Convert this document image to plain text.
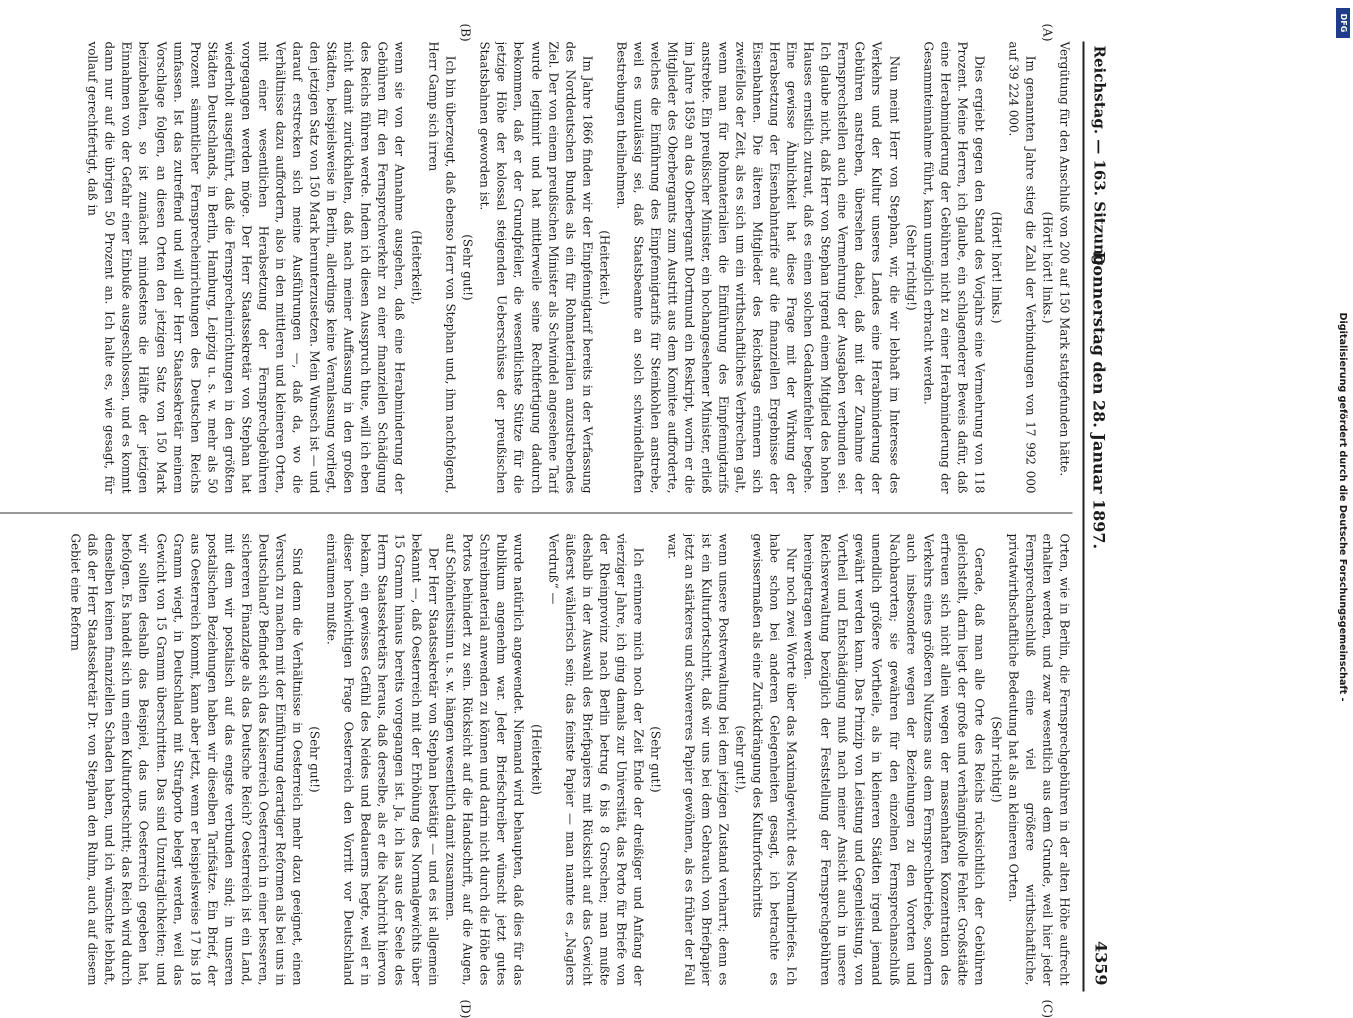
Reichstag. — 163. Sitzung.
Donnerstag den 28. Januar 1897.
4359
(A)
(B)
(C)
(D)

Vergütung für den Anschluß von 200 auf 150 Mark stattgefunden hätte.

(Hört! hört! links.)

Im genannten Jahre stieg die Zahl der Verbindungen von 17 992 000 auf 39 224 000.

(Hört! hört! links.)

Dies ergiebt gegen den Stand des Vorjahrs eine Vermehrung von 118 Prozent. Meine Herren, ich glaube, ein schlagenderer Beweis dafür, daß eine Herabminderung der Gebühren nicht zu einer Herabminderung der Gesammteinnahme führt, kann unmöglich erbracht werden.

(Sehr richtig!)

Nun meint Herr von Stephan, wir, die wir lebhaft im Interesse des Verkehrs und der Kultur unseres Landes eine Herabminderung der Gebühren anstreben, übersehen dabei, daß mit der Zunahme der Fernsprechstellen auch eine Vermehrung der Ausgaben verbunden sei. Ich glaube nicht, daß Herr von Stephan irgend einem Mitglied des hohen Hauses ernstlich zutraut, daß es einen solchen Gedankenfehler begehe. Eine gewisse Ähnlichkeit hat diese Frage mit der Wirkung der Herabsetzung der Eisenbahntarife auf die finanziellen Ergebnisse der Eisenbahnen. Die älteren Mitglieder des Reichstags erinnern sich zweifellos der Zeit, als es sich um ein wirthschaftliches Verbrechen galt, wenn man für Rohmaterialien die Einführung des Einpfennigtarifs anstrebte. Ein preußischer Minister, ein hochangesehener Minister, erließ im Jahre 1859 an das Oberbergamt Dortmund ein Reskript, worin er die Mitglieder des Oberbergamts zum Austritt aus dem Komitee aufforderte, welches die Einführung des Einpfennigtarifs für Steinkohlen anstrebe, weil es unzulässig sei, daß Staatsbeamte an solch schwindelhaften Bestrebungen theilnehmen.

(Heiterkeit.)

Im Jahre 1866 finden wir der Einpfennigtarif bereits in der Verfassung des Norddeutschen Bundes als ein für Rohmaterialien anzustrebendes Ziel. Der von einem preußischen Minister als Schwindel angesehene Tarif wurde legitimirt und hat mittlerweile seine Rechtfertigung dadurch bekommen, daß er der Grundpfeiler, die wesentlichste Stütze für die jetzige Höhe der kolossal steigenden Ueberschüsse der preußischen Staatsbahnen geworden ist.

(Sehr gut!)

Ich bin überzeugt, daß ebenso Herr von Stephan und, ihm nachfolgend, Herr Gamp sich irren

(Heiterkeit),

wenn sie von der Annahme ausgehen, daß eine Herabminderung der Gebühren für den Fernsprechverkehr zu einer finanziellen Schädigung des Reichs führen werde. Indem ich diesen Ausspruch thue, will ich eben nicht damit zurückhalten, daß nach meiner Auffassung in den großen Städten, beispielsweise in Berlin, allerdings keine Veranlassung vorliegt, den jetzigen Satz von 150 Mark herunterzusetzen. Mein Wunsch ist — und darauf erstrecken sich meine Ausführungen —, daß da, wo die Verhältnisse dazu auffordern, also in den mittleren und kleineren Orten, mit einer wesentlichen Herabsetzung der Fernsprechgebühren vorgegangen werden möge. Der Herr Staatssekretär von Stephan hat wiederholt ausgeführt, daß die Fernsprecheinrichtungen in den größten Städten Deutschlands, in Berlin, Hamburg, Leipzig u. s. w. mehr als 50 Prozent sämmtlicher Fernsprecheinrichtungen des Deutschen Reichs umfassen. Ist das zutreffend und will der Herr Staatssekretär meinem Vorschlage folgen, an diesen Orten den jetzigen Satz von 150 Mark beizubehalten, so ist zunächst mindestens die Hälfte der jetzigen Einnahmen von der Gefahr einer Einbuße ausgeschlossen, und es kommt dann nur auf die übrigen 50 Prozent an. Ich halte es, wie gesagt, für vollauf gerechtfertigt, daß in

Orten, wie in Berlin, die Fernsprechgebühren in der alten Höhe aufrecht erhalten werden, und zwar wesentlich aus dem Grunde, weil hier jeder Fernsprechanschluß eine viel größere wirthschaftliche, privatwirthschaftliche Bedeutung hat als an kleineren Orten.

(Sehr richtig!)

Gerade, daß man alle Orte des Reichs rücksichtlich der Gebühren gleichstellt, darin liegt der große und verhängnißvolle Fehler. Großstädte erfreuen sich nicht allein wegen der massenhaften Konzentration des Verkehrs eines größeren Nutzens aus dem Fernsprechbetriebe, sondern auch insbesondere wegen der Beziehungen zu den Vororten und Nachbarorten; sie gewähren für den einzelnen Fernsprechanschluß unendlich größere Vortheile, als in kleineren Städten irgend jemand gewährt werden kann. Das Prinzip von Leistung und Gegenleistung, von Vortheil und Entschädigung muß nach meiner Ansicht auch in unsere Reichsverwaltung bezüglich der Feststellung der Fernsprechgebühren hereingetragen werden.

Nur noch zwei Worte über das Maximalgewicht des Normalbriefes. Ich habe schon bei anderen Gelegenheiten gesagt, ich betrachte es gewissermaßen als eine Zurückdrängung des Kulturfortschritts

(sehr gut!),

wenn unsere Postverwaltung bei dem jetzigen Zustand verharrt; denn es ist ein Kulturfortschritt, daß wir uns bei dem Gebrauch von Briefpapier jetzt an stärkeres und schwereres Papier gewöhnen, als es früher der Fall war.

(Sehr gut!)

Ich erinnere mich noch der Zeit Ende der dreißiger und Anfang der vierziger Jahre, ich ging damals zur Universität, das Porto für Briefe von der Rheinprovinz nach Berlin betrug 6 bis 8 Groschen; man mußte deshalb in der Auswahl des Briefpapiers mit Rücksicht auf das Gewicht äußerst wählerisch sein; das feinste Papier — man nannte es „Naglers Verdruß“ —

(Heiterkeit)

wurde natürlich angewendet. Niemand wird behaupten, daß dies für das Publikum angenehm war. Jeder Briefschreiber wünscht jetzt gutes Schreibmaterial anwenden zu können und darin nicht durch die Höhe des Portos behindert zu sein. Rücksicht auf die Handschrift, auf die Augen, auf Schönheitssinn u. s. w. hängen wesentlich damit zusammen.

Der Herr Staatssekretär von Stephan bestätigt — und es ist allgemein bekannt —, daß Oesterreich mit der Erhöhung des Normalgewichts über 15 Gramm hinaus bereits vorgegangen ist. Ja, ich las aus der Seele des Herrn Staatssekretärs heraus, daß derselbe, als er die Nachricht hiervon bekam, ein gewisses Gefühl des Neides und Bedauerns hegte, weil er in dieser hochwichtigen Frage Oesterreich den Vorritt vor Deutschland einräumen mußte.

(Sehr gut!)

Sind denn die Verhältnisse in Oesterreich mehr dazu geeignet, einen Versuch zu machen mit der Einführung derartiger Reformen als bei uns in Deutschland? Befindet sich das Kaiserreich Oesterreich in einer besseren, sichereren Finanzlage als das Deutsche Reich? Oesterreich ist ein Land, mit dem wir postalisch auf das engste verbunden sind; in unseren postalischen Beziehungen haben wir dieselben Tarifsätze. Ein Brief, der aus Oesterreich kommt, kann aber jetzt, wenn er beispielsweise 17 bis 18 Gramm wiegt, in Deutschland mit Strafporto belegt werden, weil das Gewicht von 15 Gramm überschritten. Das sind Unzuträglichkeiten; und wir sollten deshalb das Beispiel, das uns Oesterreich gegeben hat, befolgen. Es handelt sich um einen Kulturfortschritt; das Reich wird durch denselben keinen finanziellen Schaden haben, und ich wünschte lebhaft, daß der Herr Staatssekretär Dr. von Stephan den Ruhm, auch auf diesem Gebiet eine Reform	Digitalisierung gefördert durch die Deutsche Forschungsgemeinschaft -
DFG
